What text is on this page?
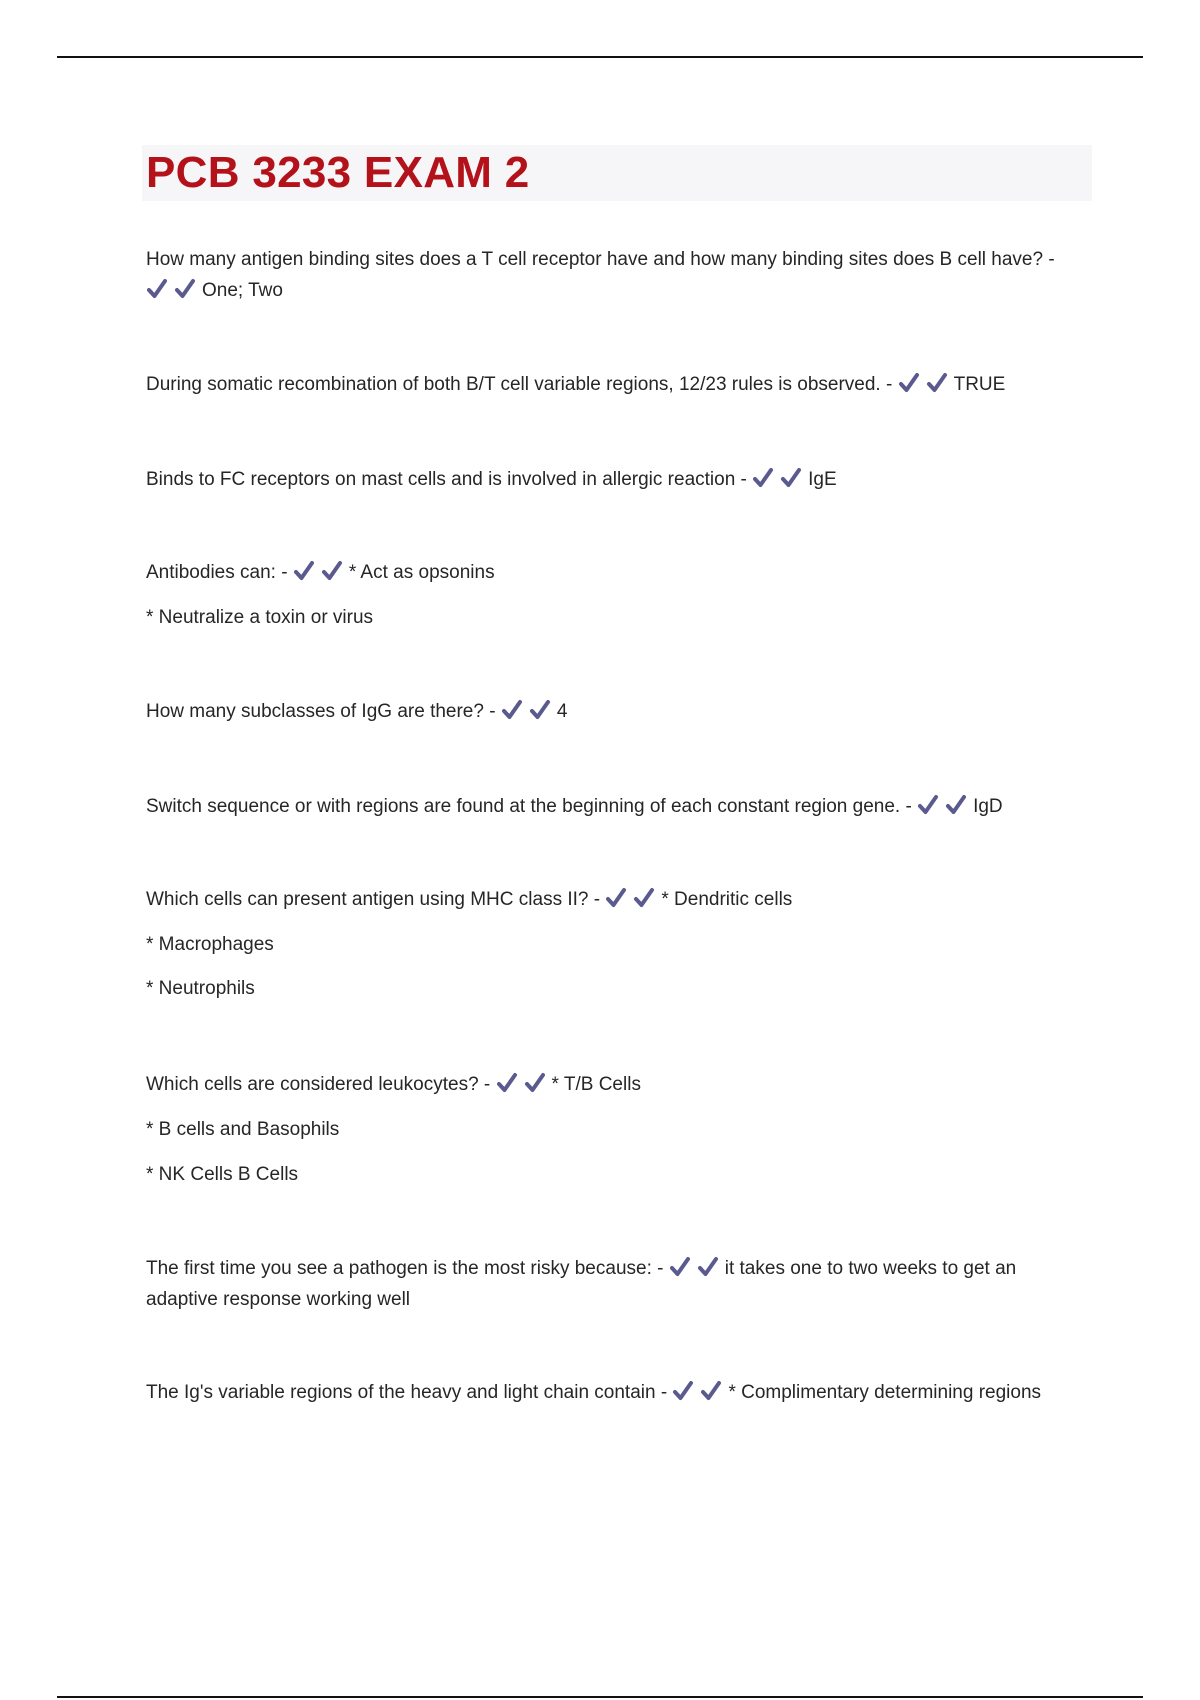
PCB 3233 EXAM 2
How many antigen binding sites does a T cell receptor have and how many binding sites does B cell have? -
One; Two
During somatic recombination of both B/T cell variable regions, 12/23 rules is observed. -	TRUE
Binds to FC receptors on mast cells and is involved in allergic reaction -	IgE
Antibodies can: -	* Act as opsonins
* Neutralize a toxin or virus
How many subclasses of IgG are there? -	4
Switch sequence or with regions are found at the beginning of each constant region gene. -	IgD
Which cells can present antigen using MHC class II? -	* Dendritic cells
* Macrophages
* Neutrophils
Which cells are considered leukocytes? -	* T/B Cells
* B cells and Basophils
* NK Cells B Cells
The first time you see a pathogen is the most risky because: -	it takes one to two weeks to get an adaptive response working well
The Ig's variable regions of the heavy and light chain contain -	* Complimentary determining regions
